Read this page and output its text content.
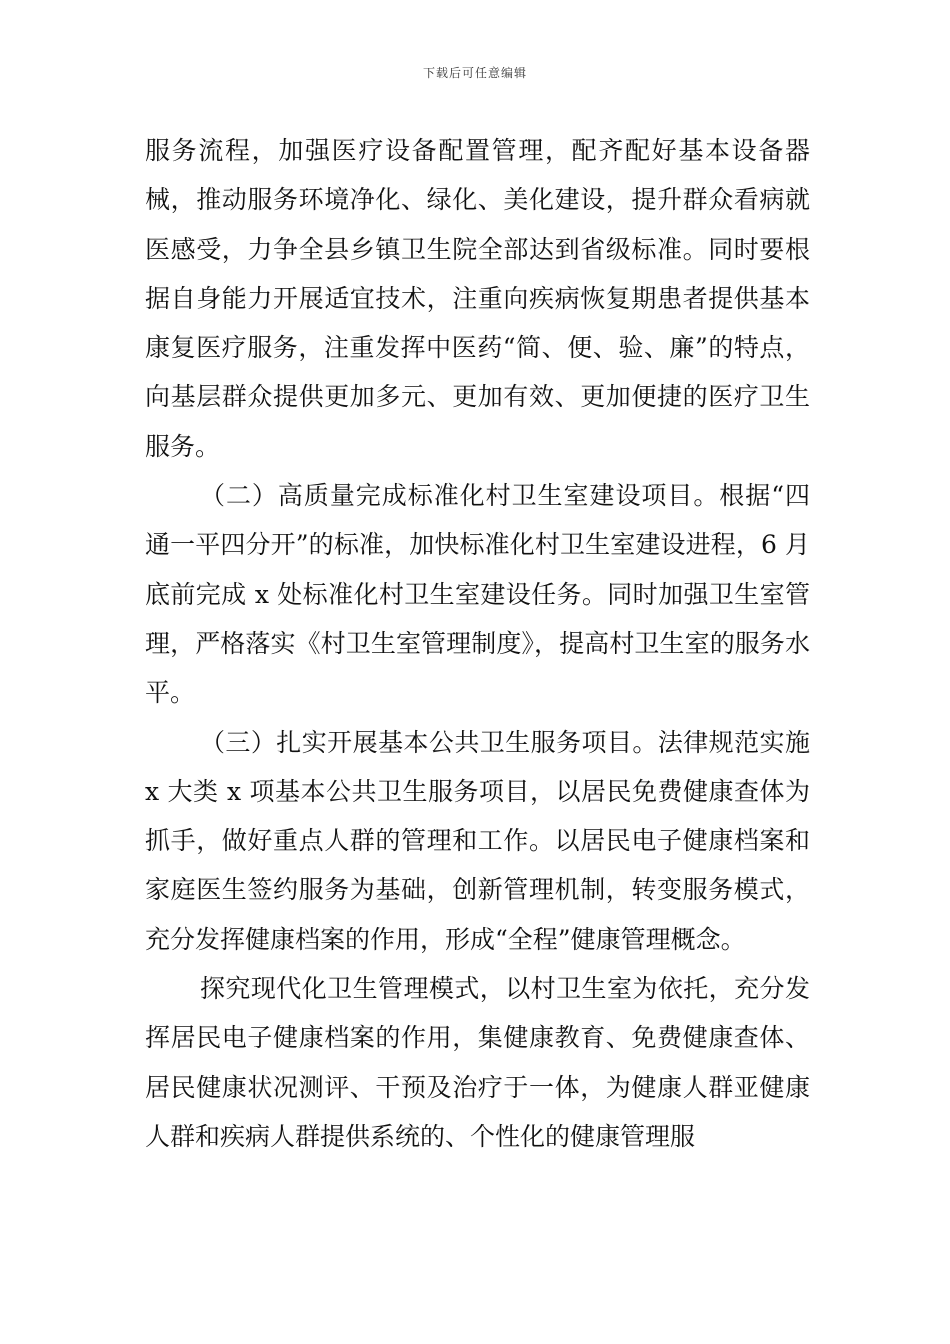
下载后可任意编辑

服务流程，加强医疗设备配置管理，配齐配好基本设备器械，推动服务环境净化、绿化、美化建设，提升群众看病就医感受，力争全县乡镇卫生院全部达到省级标准。同时要根据自身能力开展适宜技术，注重向疾病恢复期患者提供基本康复医疗服务，注重发挥中医药“简、便、验、廉”的特点，向基层群众提供更加多元、更加有效、更加便捷的医疗卫生服务。

（二）高质量完成标准化村卫生室建设项目。根据“四通一平四分开”的标准，加快标准化村卫生室建设进程，6 月底前完成 x 处标准化村卫生室建设任务。同时加强卫生室管理，严格落实《村卫生室管理制度》，提高村卫生室的服务水平。

（三）扎实开展基本公共卫生服务项目。法律规范实施 x 大类 x 项基本公共卫生服务项目，以居民免费健康查体为抓手，做好重点人群的管理和工作。以居民电子健康档案和家庭医生签约服务为基础，创新管理机制，转变服务模式，充分发挥健康档案的作用，形成“全程”健康管理概念。

探究现代化卫生管理模式，以村卫生室为依托，充分发挥居民电子健康档案的作用，集健康教育、免费健康查体、居民健康状况测评、干预及治疗于一体，为健康人群亚健康人群和疾病人群提供系统的、个性化的健康管理服
